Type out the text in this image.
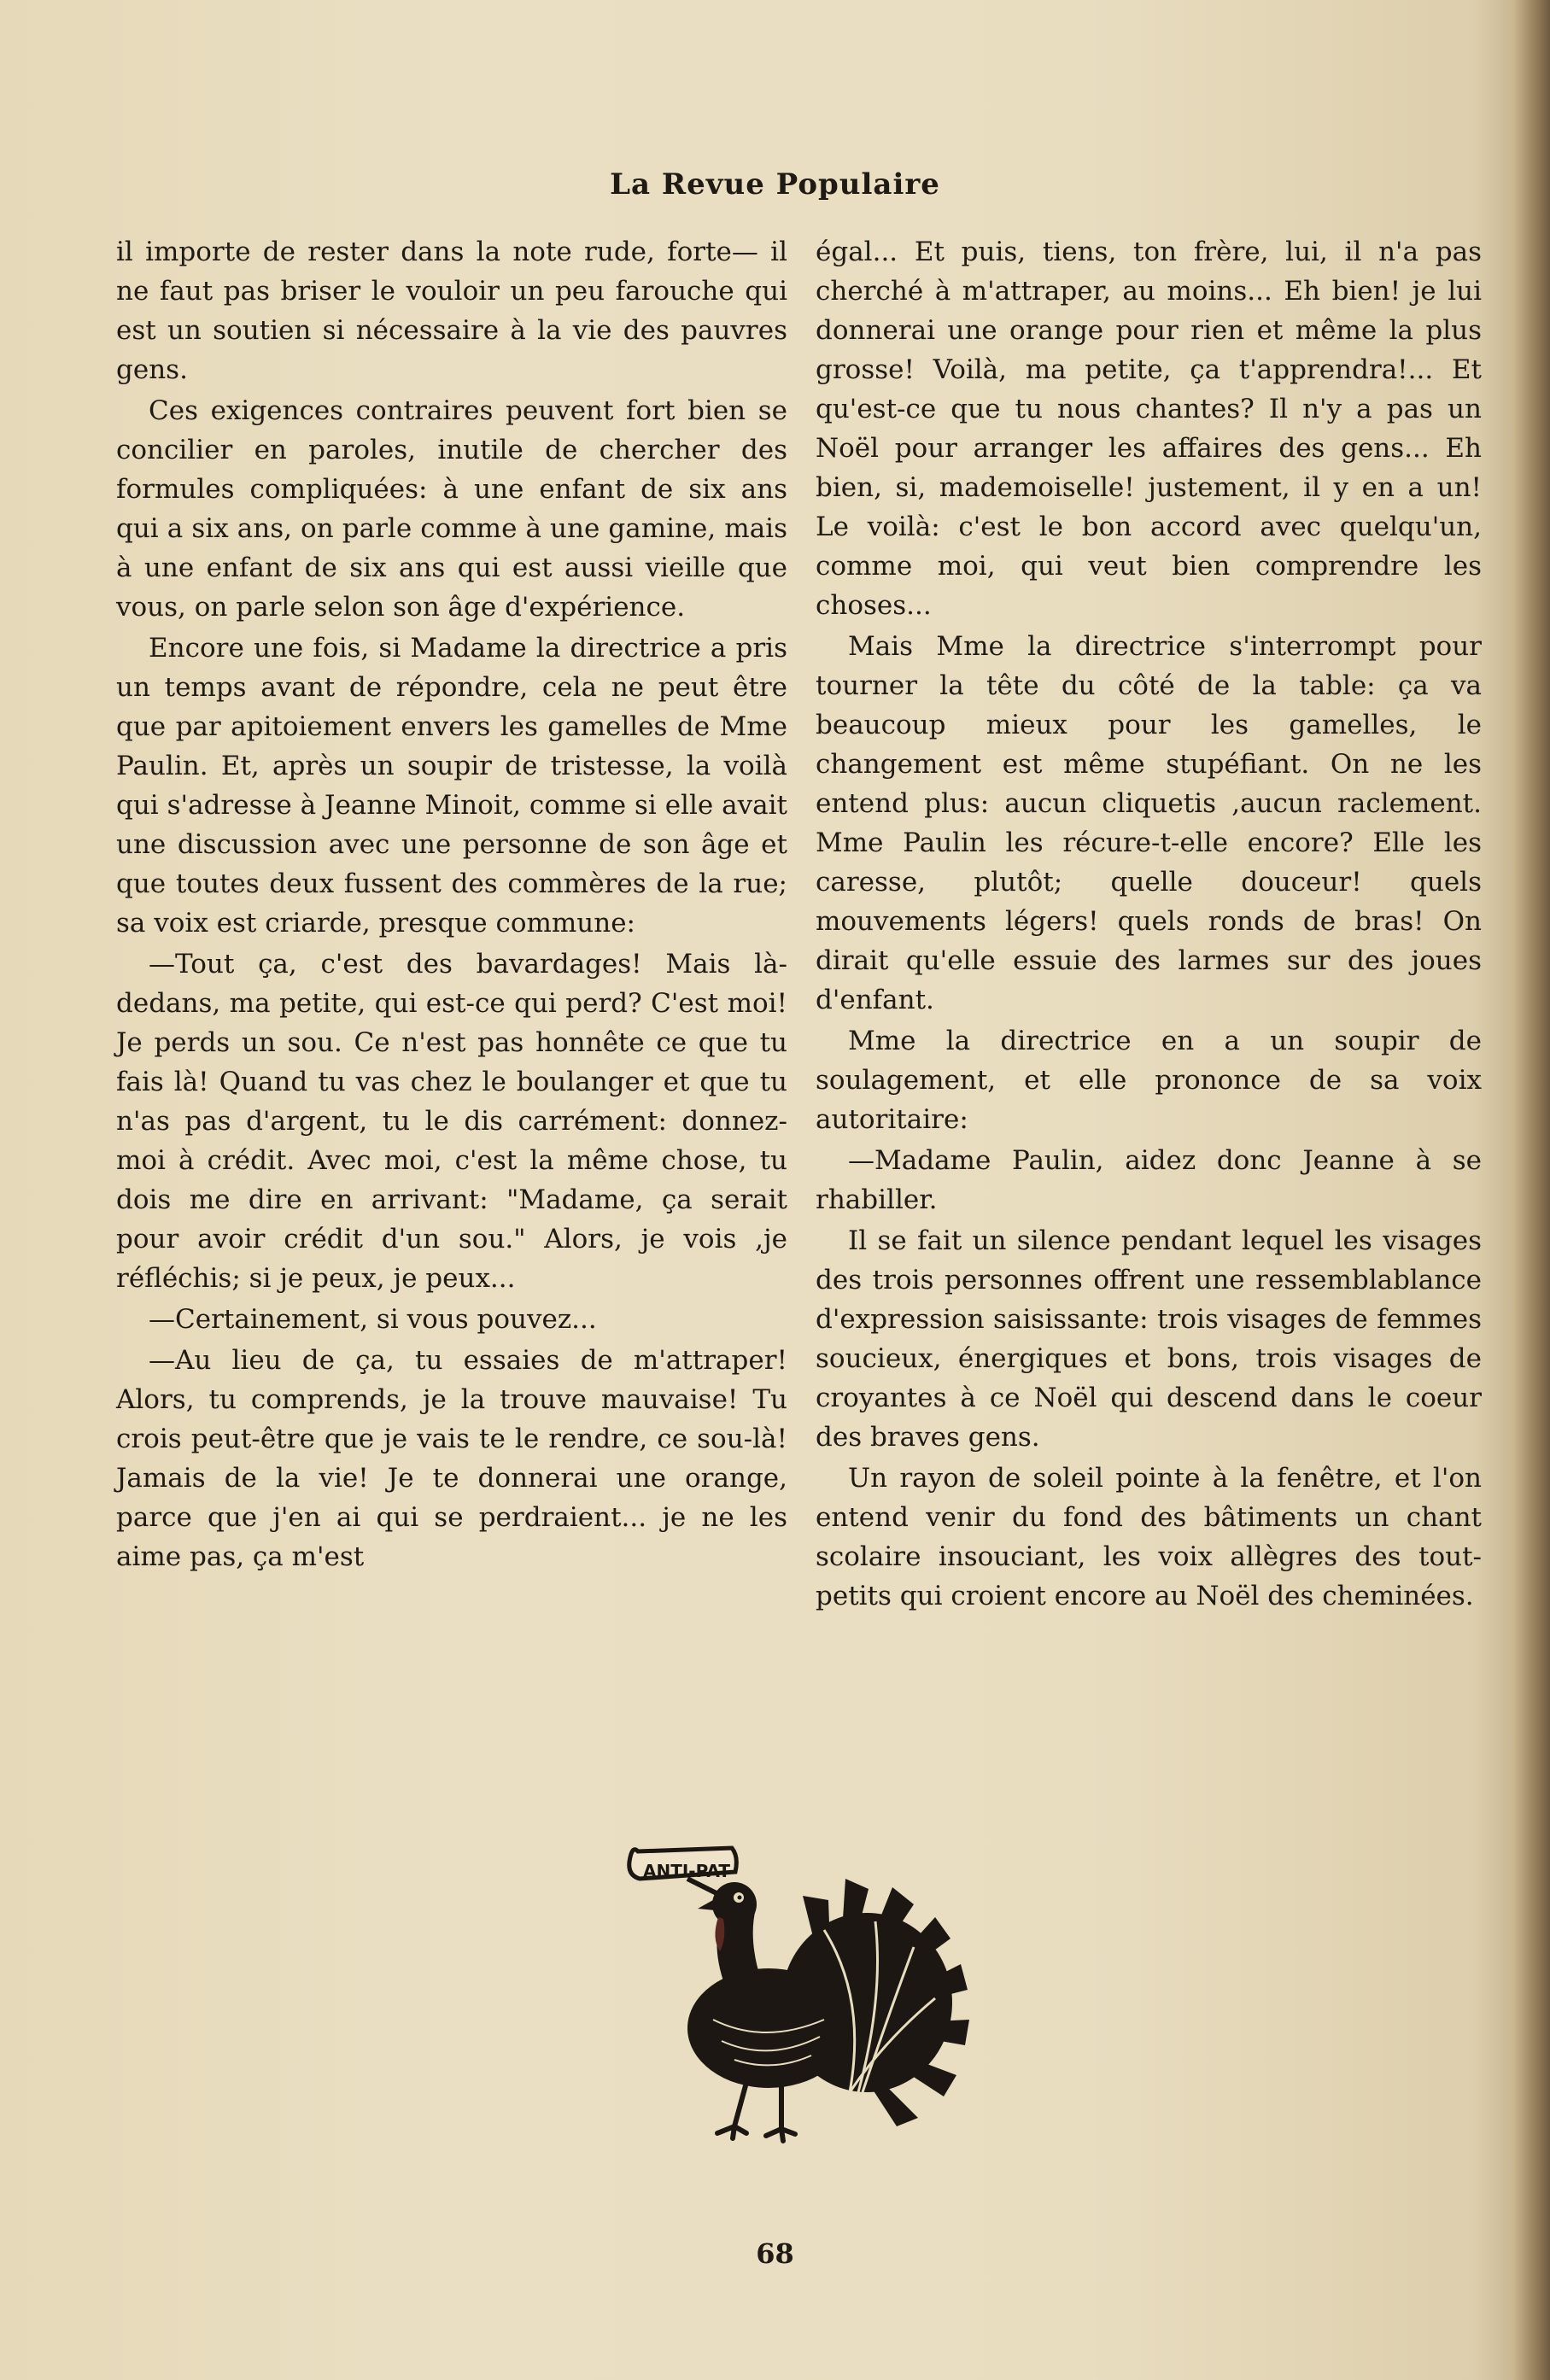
La Revue Populaire

il importe de rester dans la note rude, forte— il ne faut pas briser le vouloir un peu farouche qui est un soutien si nécessaire à la vie des pauvres gens.

Ces exigences contraires peuvent fort bien se concilier en paroles, inutile de chercher des formules compliquées: à une enfant de six ans qui a six ans, on parle comme à une gamine, mais à une enfant de six ans qui est aussi vieille que vous, on parle selon son âge d'expérience.

Encore une fois, si Madame la directrice a pris un temps avant de répondre, cela ne peut être que par apitoiement envers les gamelles de Mme Paulin. Et, après un soupir de tristesse, la voilà qui s'adresse à Jeanne Minoit, comme si elle avait une discussion avec une personne de son âge et que toutes deux fussent des commères de la rue; sa voix est criarde, presque commune:

—Tout ça, c'est des bavardages! Mais là-dedans, ma petite, qui est-ce qui perd? C'est moi! Je perds un sou. Ce n'est pas honnête ce que tu fais là! Quand tu vas chez le boulanger et que tu n'as pas d'argent, tu le dis carrément: donnez-moi à crédit. Avec moi, c'est la même chose, tu dois me dire en arrivant: "Madame, ça serait pour avoir crédit d'un sou." Alors, je vois ,je réfléchis; si je peux, je peux...

—Certainement, si vous pouvez...

—Au lieu de ça, tu essaies de m'attraper! Alors, tu comprends, je la trouve mauvaise! Tu crois peut-être que je vais te le rendre, ce sou-là! Jamais de la vie! Je te donnerai une orange, parce que j'en ai qui se perdraient... je ne les aime pas, ça m'est

égal... Et puis, tiens, ton frère, lui, il n'a pas cherché à m'attraper, au moins... Eh bien! je lui donnerai une orange pour rien et même la plus grosse! Voilà, ma petite, ça t'apprendra!... Et qu'est-ce que tu nous chantes? Il n'y a pas un Noël pour arranger les affaires des gens... Eh bien, si, mademoiselle! justement, il y en a un! Le voilà: c'est le bon accord avec quelqu'un, comme moi, qui veut bien comprendre les choses...

Mais Mme la directrice s'interrompt pour tourner la tête du côté de la table: ça va beaucoup mieux pour les gamelles, le changement est même stupéfiant. On ne les entend plus: aucun cliquetis ,aucun raclement. Mme Paulin les récure-t-elle encore? Elle les caresse, plutôt; quelle douceur! quels mouvements légers! quels ronds de bras! On dirait qu'elle essuie des larmes sur des joues d'enfant.

Mme la directrice en a un soupir de soulagement, et elle prononce de sa voix autoritaire:

—Madame Paulin, aidez donc Jeanne à se rhabiller.

Il se fait un silence pendant lequel les visages des trois personnes offrent une ressemblablance d'expression saisissante: trois visages de femmes soucieux, énergiques et bons, trois visages de croyantes à ce Noël qui descend dans le coeur des braves gens.

Un rayon de soleil pointe à la fenêtre, et l'on entend venir du fond des bâtiments un chant scolaire insouciant, les voix allègres des tout-petits qui croient encore au Noël des cheminées.

ANTI-PAT
68
